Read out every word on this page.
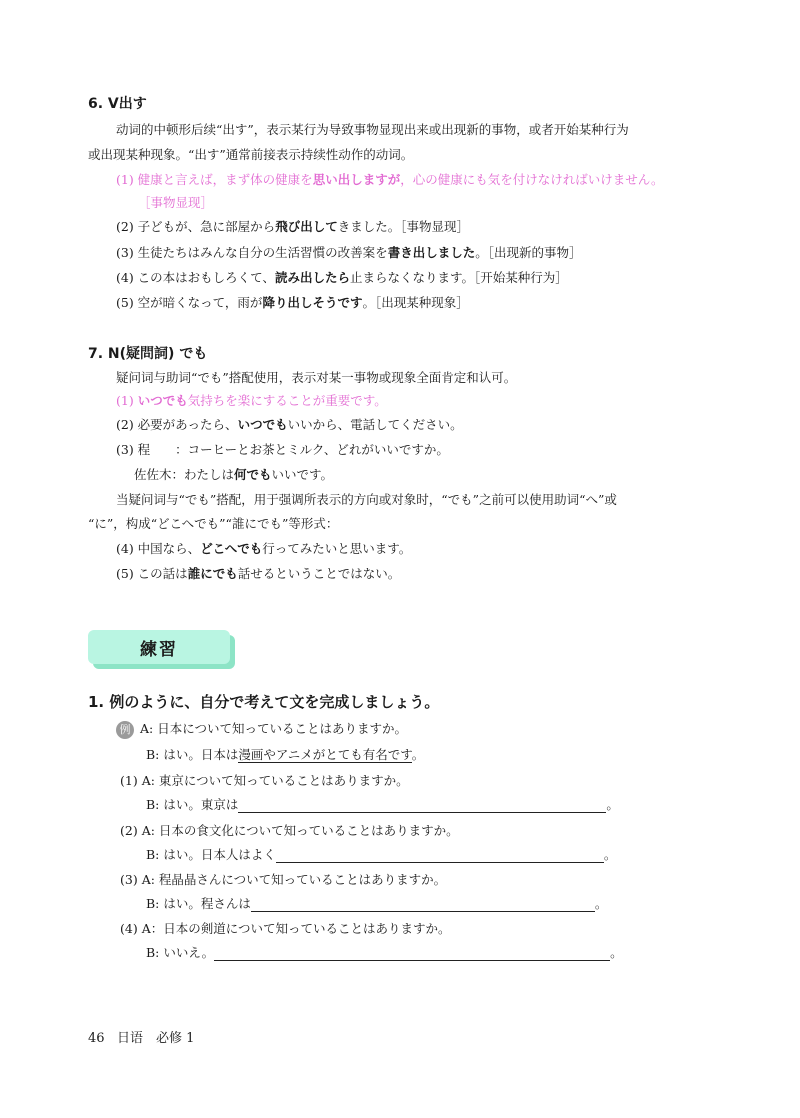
6. V出す
动词的中顿形后续“出す”，表示某行为导致事物显现出来或出现新的事物，或者开始某种行为
或出现某种现象。“出す”通常前接表示持续性动作的动词。
(1) 健康と言えば，まず体の健康を思い出しますが，心の健康にも気を付けなければいけません。
［事物显现］
(2) 子どもが、急に部屋から飛び出してきました。［事物显现］
(3) 生徒たちはみんな自分の生活習慣の改善案を書き出しました。［出现新的事物］
(4) この本はおもしろくて、読み出したら止まらなくなります。［开始某种行为］
(5) 空が暗くなって，雨が降り出しそうです。［出现某种现象］
7. N(疑問詞) でも
疑问词与助词“でも”搭配使用，表示对某一事物或现象全面肯定和认可。
(1) いつでも気持ちを楽にすることが重要です。
(2) 必要があったら、いつでもいいから、電話してください。
(3) 程　　：コーヒーとお茶とミルク、どれがいいですか。
佐佐木：わたしは何でもいいです。
当疑问词与“でも”搭配，用于强调所表示的方向或对象时，“でも”之前可以使用助词“へ”或
“に”，构成“どこへでも”“誰にでも”等形式：
(4) 中国なら、どこへでも行ってみたいと思います。
(5) この話は誰にでも話せるということではない。
練習
1. 例のように、自分で考えて文を完成しましょう。
例 A: 日本について知っていることはありますか。
B: はい。日本は漫画やアニメがとても有名です。
(1) A: 東京について知っていることはありますか。
B: はい。東京は	。
(2) A: 日本の食文化について知っていることはありますか。
B: はい。日本人はよく	。
(3) A: 程晶晶さんについて知っていることはありますか。
B: はい。程さんは	。
(4) A：日本の剣道について知っていることはありますか。
B: いいえ。	。
46 日语　必修 1
